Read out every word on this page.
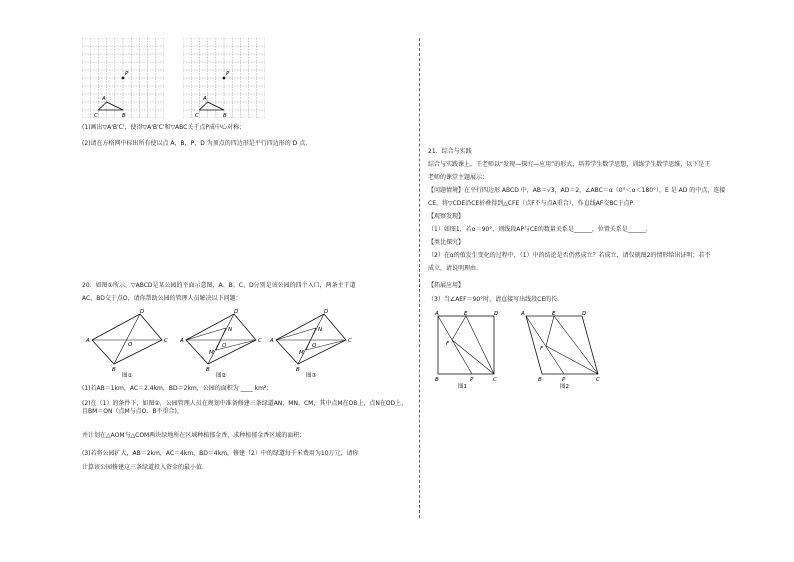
P
A
C	B
P
A
C	B
(1)画出▽A'B'C'，使得▽A'B'C'和▽ABC关于点P成中心对称；
(2)请在方格网中标出所有使以点 A，B，P，D 为顶点的四边形是平行四边形的 D 点．
20．如图①所示，▽ABCD是某公园的平面示意图，A、B、C、D分别是该公园的四个入口，两条主干道
AC、BD交于点O，请你帮助公园的管理人员解决以下问题：
A
D
C
B
O
图①
A
D
C
B
O
N
M
图②
A
D
C
B
O
N
M
图③
(1)若AB＝1km，AC＝2.4km，BD＝2km，公园的面积为 ____ km²；
(2)在（1）的条件下，如图②，公园管理人员在规划中准备修建三条绿道AN、MN、CM，其中点M在OB上，点N在OD上，且BM＝ON（点M与点O、B不重合)，
并计划在△AOM与△COM两块绿地所在区域种植郁金香，求种植郁金香区域的面积；
(3)若将公园扩大，AB＝2km，AC＝4km，BD＝4km，修建（2）中的绿道每千米费用为10万元，请你
计算该公园修建这三条绿道投入资金的最小值．
21．综合与实践
综合与实践课上，王老师以“发现—探究—应用”的形式，培养学生数学思想，训练学生数学思维，以下是王
老师的课堂主题展示：
【问题情境】在平行四边形 ABCD 中，AB＝√3，AD＝2，∠ABC＝α（0°＜α＜180°），E 是 AD 的中点，连接
CE，将▽CDE沿CE折叠得到△CFE（点F不与点A重合），作直线AF交BC于点P．
【观察发现】
（1）如图1，若α＝90°，则线段AP与CE的数量关系是______，位置关系是______．
【类比探究】
（2）在α的值发生变化的过程中，（1）中的结论是否仍然成立？若成立，请仅就图2的情形给出证明；若不
成立，请说明理由．
【拓展应用】
（3）当∠AEF＝90°时，请直接写出线段CE的长．
A	E	D
F
B	P	C
图1
A	E	D
F
B	P	C
图2
